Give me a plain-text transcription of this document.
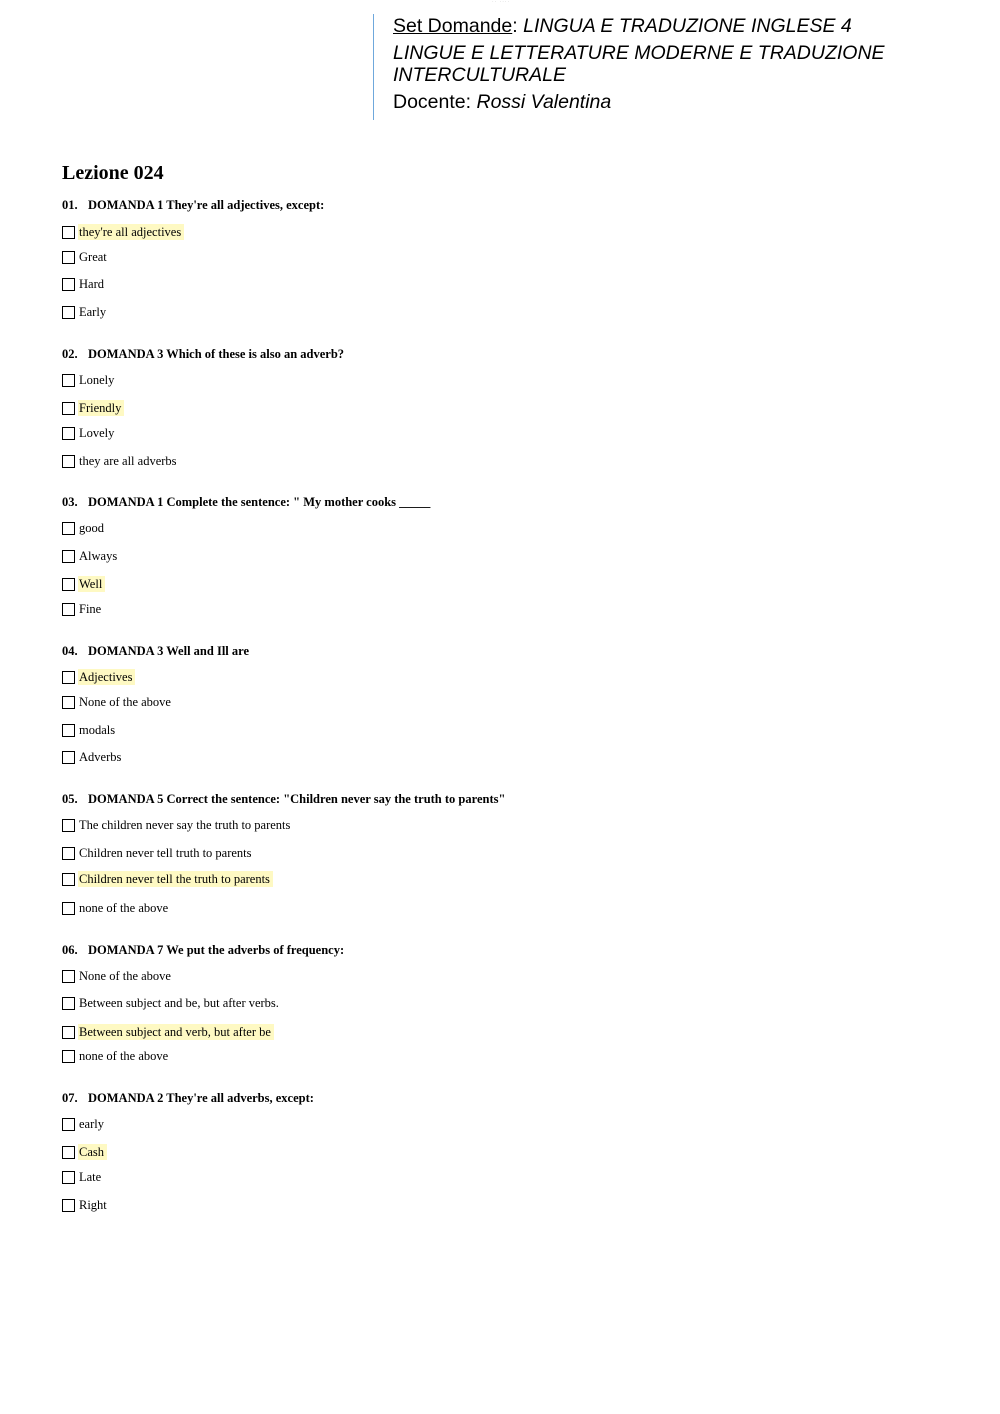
·· ····
Set Domande: LINGUA E TRADUZIONE INGLESE 4
LINGUE E LETTERATURE MODERNE E TRADUZIONE INTERCULTURALE
Docente: Rossi Valentina
Lezione 024
01. DOMANDA 1 They're all adjectives, except:
they're all adjectives
Great
Hard
Early
02. DOMANDA 3 Which of these is also an adverb?
Lonely
Friendly
Lovely
they are all adverbs
03. DOMANDA 1 Complete the sentence: " My mother cooks _____
good
Always
Well
Fine
04. DOMANDA 3 Well and Ill are
Adjectives
None of the above
modals
Adverbs
05. DOMANDA 5 Correct the sentence: "Children never say the truth to parents"
The children never say the truth to parents
Children never tell truth to parents
Children never tell the truth to parents
none of the above
06. DOMANDA 7 We put the adverbs of frequency:
None of the above
Between subject and be, but after verbs.
Between subject and verb, but after be
none of the above
07. DOMANDA 2 They're all adverbs, except:
early
Cash
Late
Right
